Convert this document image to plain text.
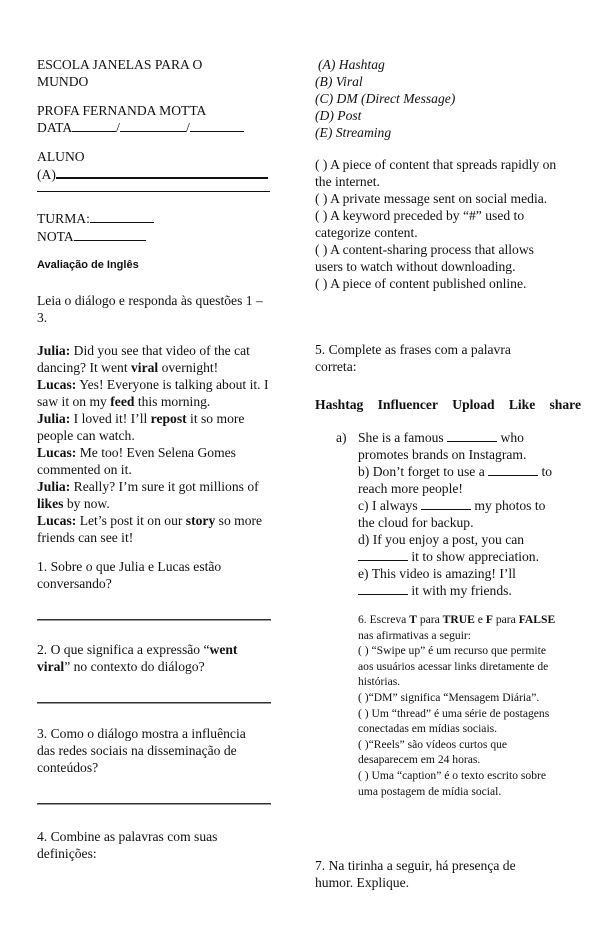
ESCOLA JANELAS PARA O MUNDO
PROFA FERNANDA MOTTA
DATA	/	/
ALUNO
(A)
TURMA:
NOTA
Avaliação de Inglês
Leia o diálogo e responda às questões 1 – 3.

Julia: Did you see that video of the cat dancing? It went viral overnight!

Lucas: Yes! Everyone is talking about it. I saw it on my feed this morning.

Julia: I loved it! I’ll repost it so more people can watch.

Lucas: Me too! Even Selena Gomes commented on it.

Julia: Really? I’m sure it got millions of likes by now.

Lucas: Let’s post it on our story so more friends can see it!

1. Sobre o que Julia e Lucas estão conversando?
2. O que significa a expressão “went viral” no contexto do diálogo?
3. Como o diálogo mostra a influência das redes sociais na disseminação de conteúdos?
4. Combine as palavras com suas definições:

(A) Hashtag

(B) Viral

(C) DM (Direct Message)

(D) Post

(E) Streaming

( ) A piece of content that spreads rapidly on the internet.

( ) A private message sent on social media.

( ) A keyword preceded by “#” used to categorize content.

( ) A content-sharing process that allows users to watch without downloading.

( ) A piece of content published online.

5. Complete as frases com a palavra correta:
Hashtag Influencer Upload Like share
a) She is a famous	who promotes brands on Instagram.

b) Don’t forget to use a	to reach more people!

c) I always	my photos to the cloud for backup.

d) If you enjoy a post, you can  it to show appreciation.

e) This video is amazing! I’ll  it with my friends.

6. Escreva T para TRUE e F para FALSE nas afirmativas a seguir:

( ) “Swipe up” é um recurso que permite aos usuários acessar links diretamente de histórias.

( )“DM” significa “Mensagem Diária”.

( ) Um “thread” é uma série de postagens conectadas em mídias sociais.

( )“Reels” são vídeos curtos que desaparecem em 24 horas.

( ) Uma “caption” é o texto escrito sobre uma postagem de mídia social.

7. Na tirinha a seguir, há presença de humor. Explique.
